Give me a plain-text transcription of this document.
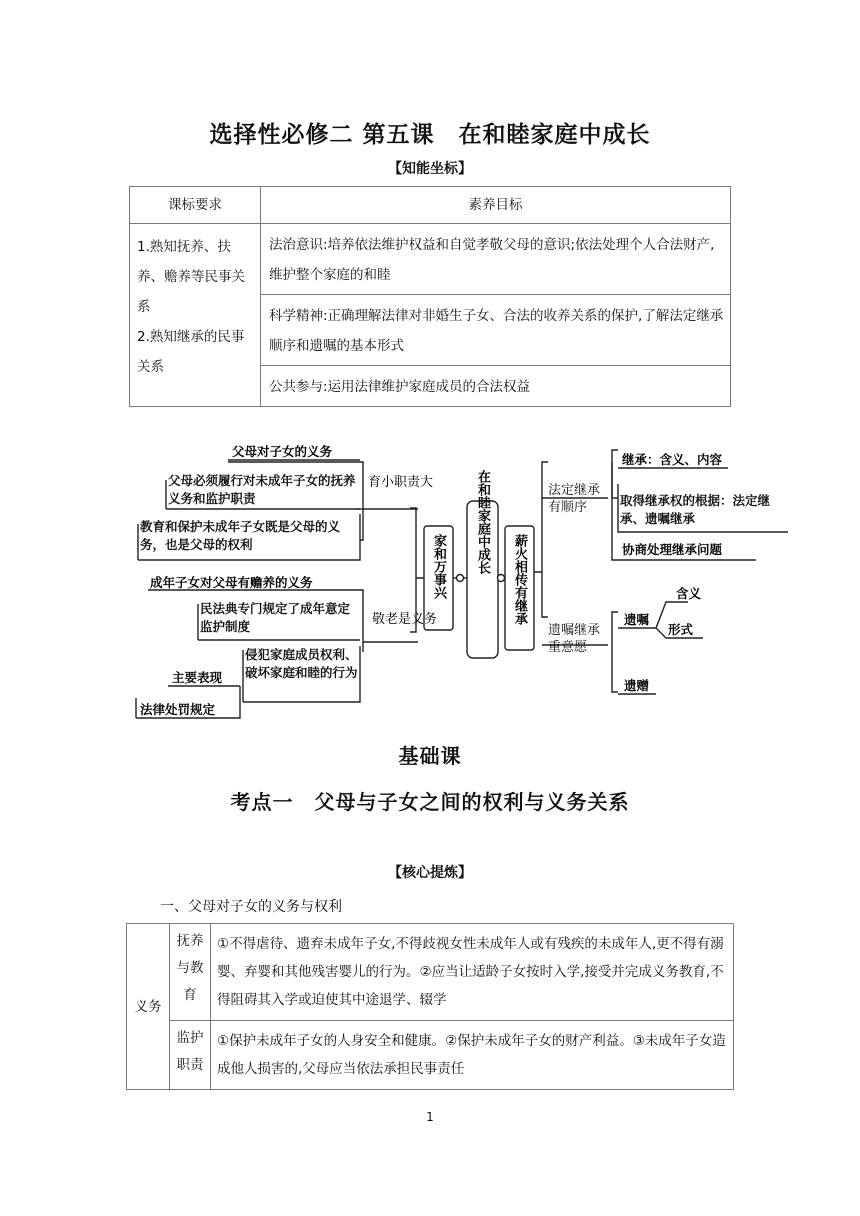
选择性必修二 第五课　在和睦家庭中成长
【知能坐标】
课标要求	素养目标
1.熟知抚养、扶养、赡养等民事关系
2.熟知继承的民事关系	法治意识:培养依法维护权益和自觉孝敬父母的意识;依法处理个人合法财产,维护整个家庭的和睦
	科学精神:正确理解法律对非婚生子女、合法的收养关系的保护,了解法定继承顺序和遗嘱的基本形式
	公共参与:运用法律维护家庭成员的合法权益
在和睦家庭中成长
家和万事兴	薪火相传有继承
育小职责大
敬老是义务
父母对子女的义务
父母必须履行对未成年子女的抚养义务和监护职责
教育和保护未成年子女既是父母的义务，也是父母的权利
成年子女对父母有赡养的义务
民法典专门规定了成年意定监护制度
侵犯家庭成员权利、破坏家庭和睦的行为
主要表现
法律处罚规定
法定继承有顺序
遗嘱继承重意愿
继承：含义、内容
取得继承权的根据：法定继承、遗嘱继承
协商处理继承问题
遗嘱
遗赠
含义
形式
基础课
考点一　父母与子女之间的权利与义务关系
【核心提炼】
一、父母对子女的义务与权利
义务	抚养与教育	①不得虐待、遗弃未成年子女,不得歧视女性未成年人或有残疾的未成年人,更不得有溺婴、弃婴和其他残害婴儿的行为。②应当让适龄子女按时入学,接受并完成义务教育,不得阻碍其入学或迫使其中途退学、辍学
	监护职责	①保护未成年子女的人身安全和健康。②保护未成年子女的财产利益。③未成年子女造成他人损害的,父母应当依法承担民事责任
1
